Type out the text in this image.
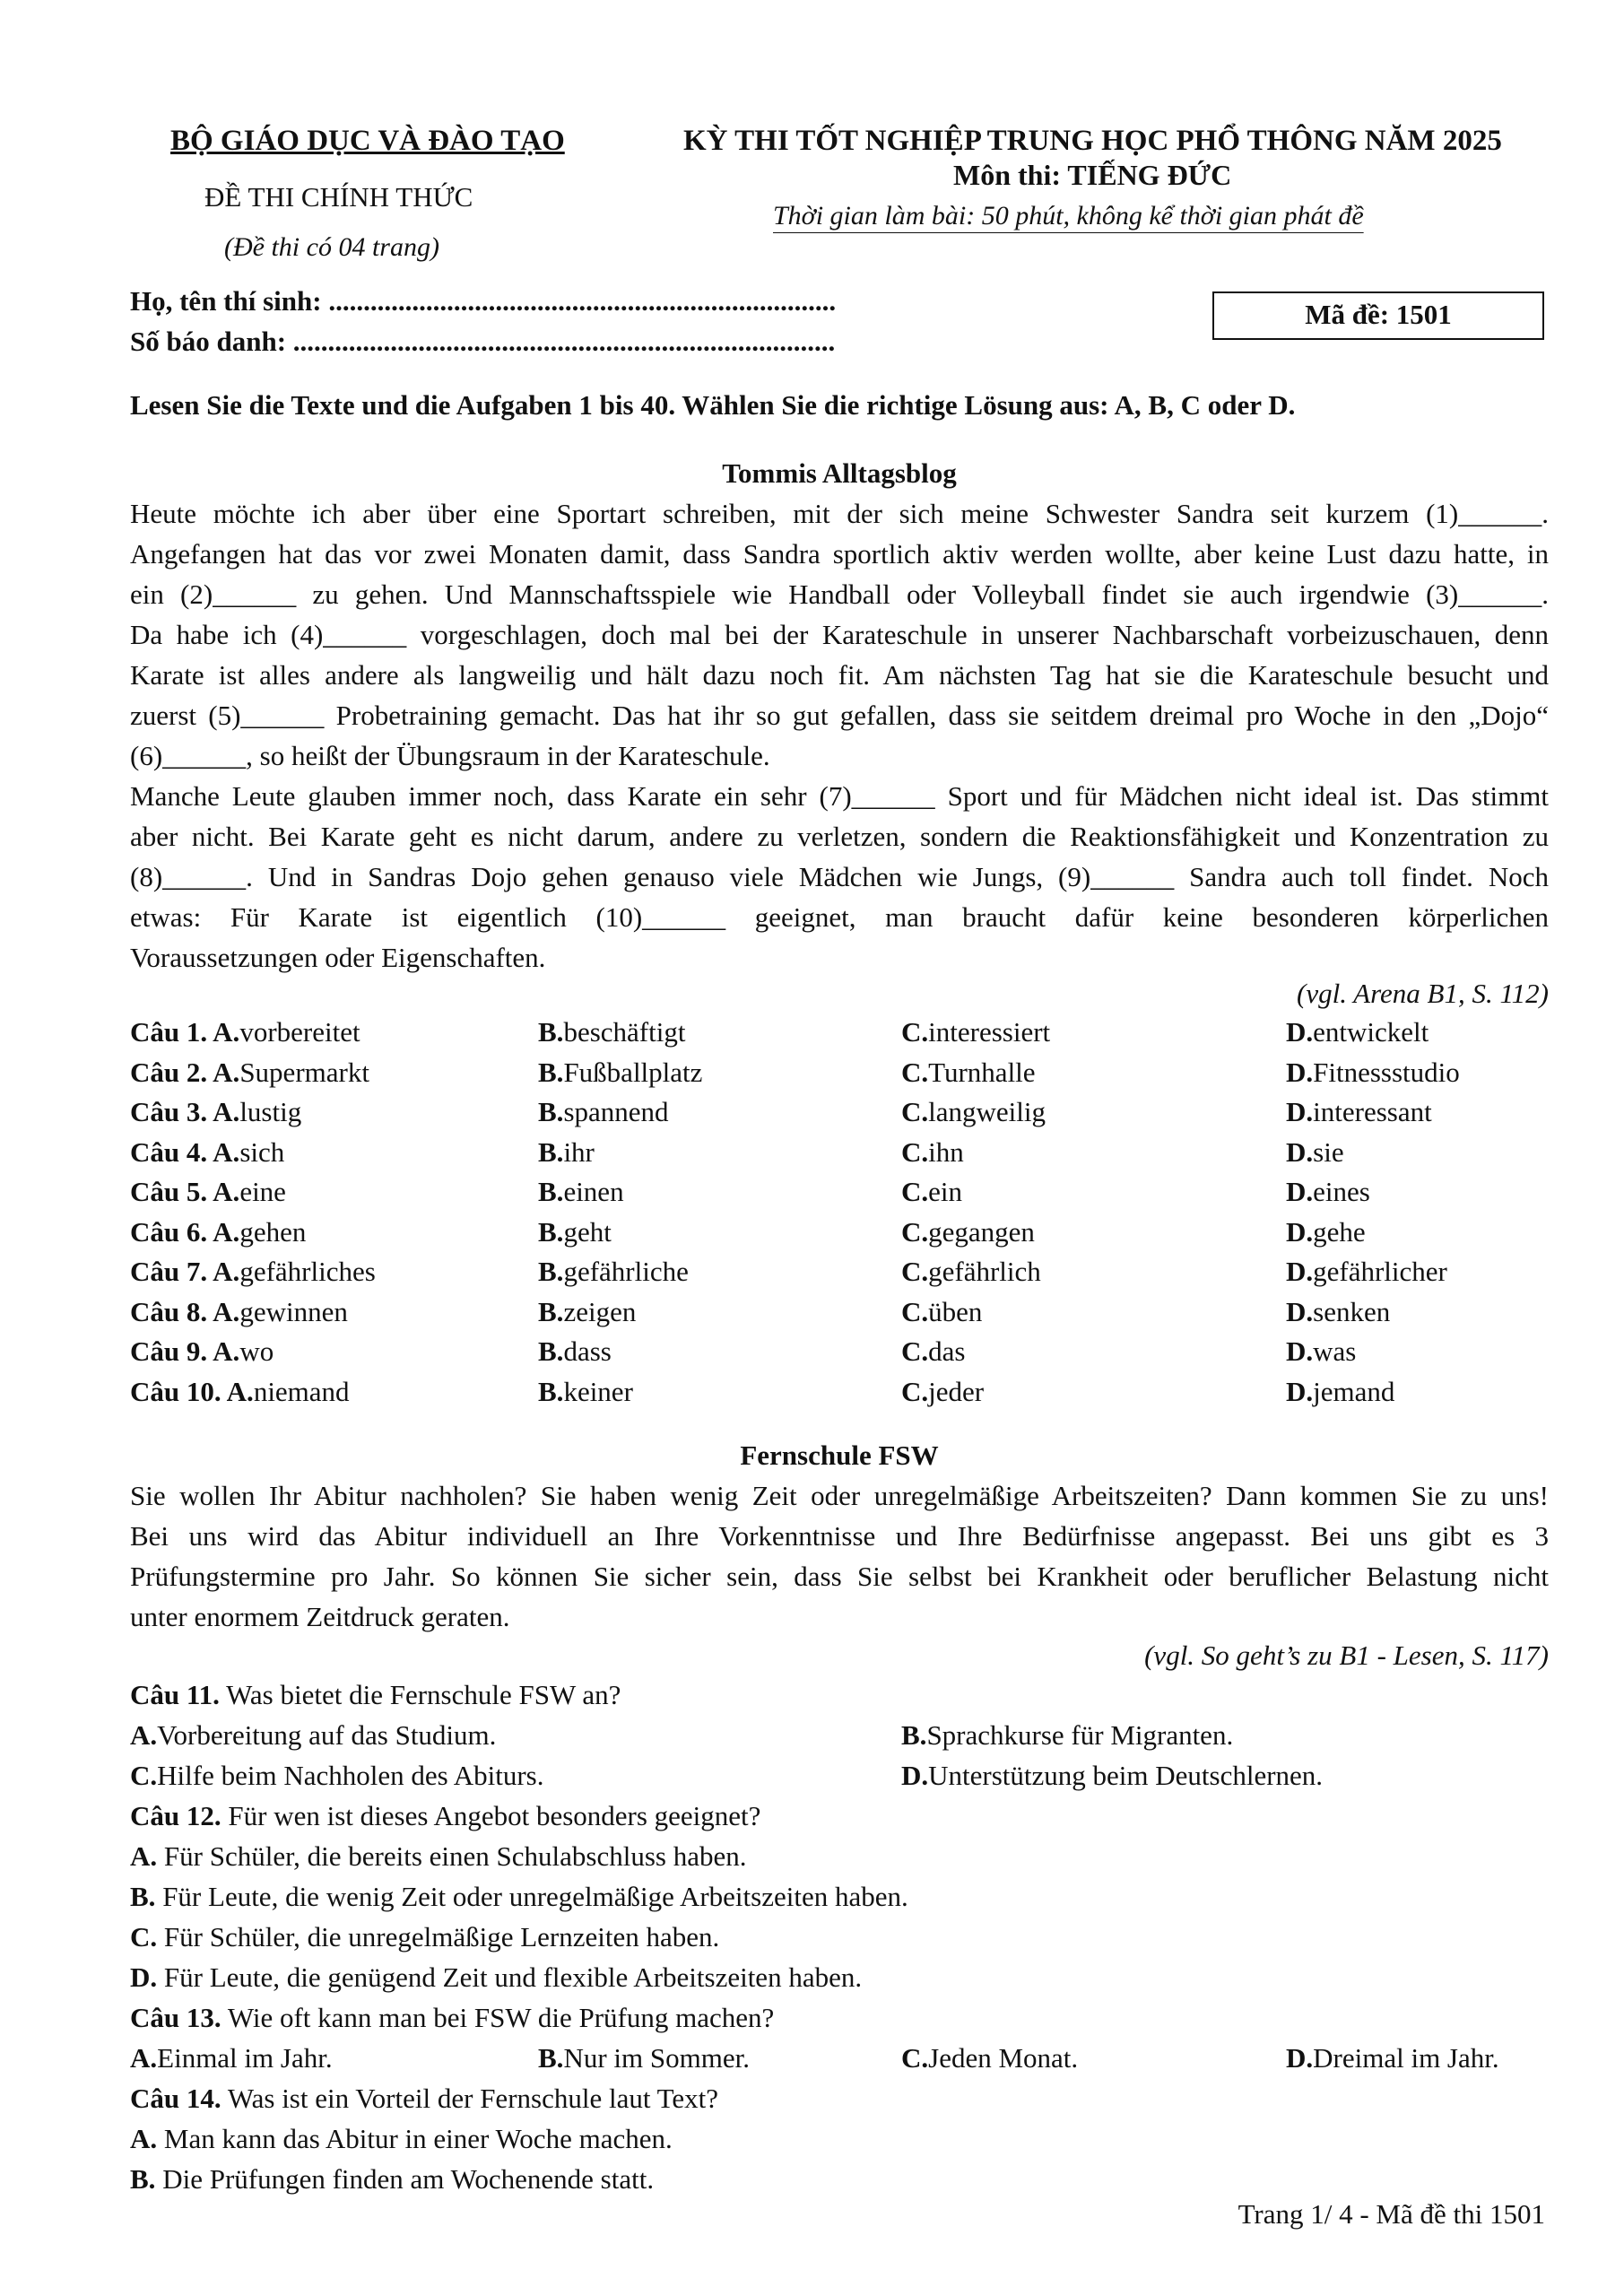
BỘ GIÁO DỤC VÀ ĐÀO TẠO
ĐỀ THI CHÍNH THỨC
(Đề thi có 04 trang)
KỲ THI TỐT NGHIỆP TRUNG HỌC PHỔ THÔNG NĂM 2025
Môn thi: TIẾNG ĐỨC
Thời gian làm bài: 50 phút, không kể thời gian phát đề
Họ, tên thí sinh: .........................................................................
Số báo danh: ..............................................................................
Mã đề: 1501
Lesen Sie die Texte und die Aufgaben 1 bis 40. Wählen Sie die richtige Lösung aus: A, B, C oder D.
Tommis Alltagsblog
Heute möchte ich aber über eine Sportart schreiben, mit der sich meine Schwester Sandra seit kurzem (1)______.
Angefangen hat das vor zwei Monaten damit, dass Sandra sportlich aktiv werden wollte, aber keine Lust dazu hatte, in
ein (2)______ zu gehen. Und Mannschaftsspiele wie Handball oder Volleyball findet sie auch irgendwie (3)______.
Da habe ich (4)______ vorgeschlagen, doch mal bei der Karateschule in unserer Nachbarschaft vorbeizuschauen, denn
Karate ist alles andere als langweilig und hält dazu noch fit. Am nächsten Tag hat sie die Karateschule besucht und
zuerst (5)______ Probetraining gemacht. Das hat ihr so gut gefallen, dass sie seitdem dreimal pro Woche in den „Dojo“
(6)______, so heißt der Übungsraum in der Karateschule.
Manche Leute glauben immer noch, dass Karate ein sehr (7)______ Sport und für Mädchen nicht ideal ist. Das stimmt
aber nicht. Bei Karate geht es nicht darum, andere zu verletzen, sondern die Reaktionsfähigkeit und Konzentration zu
(8)______. Und in Sandras Dojo gehen genauso viele Mädchen wie Jungs, (9)______ Sandra auch toll findet. Noch
etwas: Für Karate ist eigentlich (10)______ geeignet, man braucht dafür keine besonderen körperlichen
Voraussetzungen oder Eigenschaften.
(vgl. Arena B1, S. 112)
Câu 1. A. vorbereitet	B. beschäftigt	C. interessiert	D. entwickelt
Câu 2. A. Supermarkt	B. Fußballplatz	C. Turnhalle	D. Fitnessstudio
Câu 3. A. lustig	B. spannend	C. langweilig	D. interessant
Câu 4. A. sich	B. ihr	C. ihn	D. sie
Câu 5. A. eine	B. einen	C. ein	D. eines
Câu 6. A. gehen	B. geht	C. gegangen	D. gehe
Câu 7. A. gefährliches	B. gefährliche	C. gefährlich	D. gefährlicher
Câu 8. A. gewinnen	B. zeigen	C. üben	D. senken
Câu 9. A. wo	B. dass	C. das	D. was
Câu 10. A. niemand	B. keiner	C. jeder	D. jemand
Fernschule FSW
Sie wollen Ihr Abitur nachholen? Sie haben wenig Zeit oder unregelmäßige Arbeitszeiten? Dann kommen Sie zu uns!
Bei uns wird das Abitur individuell an Ihre Vorkenntnisse und Ihre Bedürfnisse angepasst. Bei uns gibt es 3
Prüfungstermine pro Jahr. So können Sie sicher sein, dass Sie selbst bei Krankheit oder beruflicher Belastung nicht
unter enormem Zeitdruck geraten.
(vgl. So geht’s zu B1 - Lesen, S. 117)
Câu 11. Was bietet die Fernschule FSW an?
A. Vorbereitung auf das Studium.	B. Sprachkurse für Migranten.
C. Hilfe beim Nachholen des Abiturs.	D. Unterstützung beim Deutschlernen.
Câu 12. Für wen ist dieses Angebot besonders geeignet?
A. Für Schüler, die bereits einen Schulabschluss haben.
B. Für Leute, die wenig Zeit oder unregelmäßige Arbeitszeiten haben.
C. Für Schüler, die unregelmäßige Lernzeiten haben.
D. Für Leute, die genügend Zeit und flexible Arbeitszeiten haben.
Câu 13. Wie oft kann man bei FSW die Prüfung machen?
A. Einmal im Jahr.	B. Nur im Sommer.	C. Jeden Monat.	D. Dreimal im Jahr.
Câu 14. Was ist ein Vorteil der Fernschule laut Text?
A. Man kann das Abitur in einer Woche machen.
B. Die Prüfungen finden am Wochenende statt.
Trang 1/ 4 - Mã đề thi 1501
